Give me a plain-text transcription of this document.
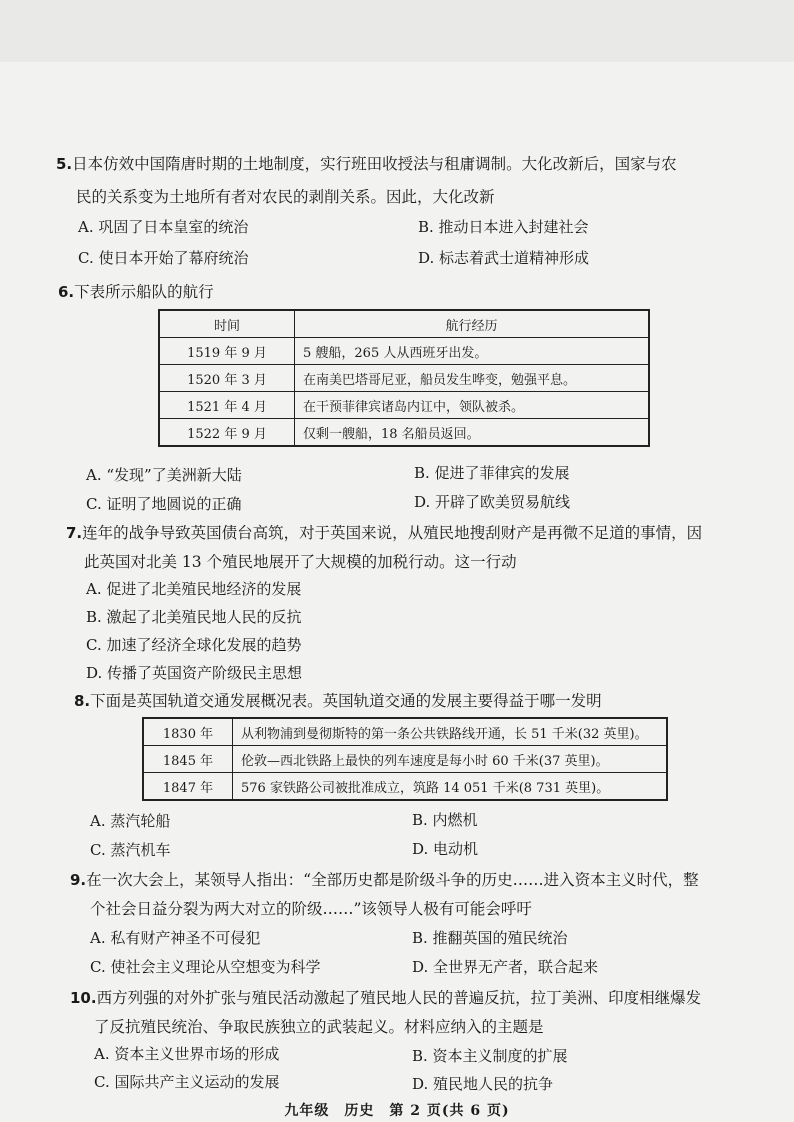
5.日本仿效中国隋唐时期的土地制度，实行班田收授法与租庸调制。大化改新后，国家与农
民的关系变为土地所有者对农民的剥削关系。因此，大化改新
A. 巩固了日本皇室的统治	B. 推动日本进入封建社会
C. 使日本开始了幕府统治	D. 标志着武士道精神形成
6.下表所示船队的航行
时间	航行经历
1519 年 9 月	5 艘船，265 人从西班牙出发。
1520 年 3 月	在南美巴塔哥尼亚，船员发生哗变，勉强平息。
1521 年 4 月	在干预菲律宾诸岛内讧中，领队被杀。
1522 年 9 月	仅剩一艘船，18 名船员返回。
A. “发现”了美洲新大陆	B. 促进了菲律宾的发展
C. 证明了地圆说的正确	D. 开辟了欧美贸易航线
7.连年的战争导致英国债台高筑，对于英国来说，从殖民地搜刮财产是再微不足道的事情，因
此英国对北美 13 个殖民地展开了大规模的加税行动。这一行动
A. 促进了北美殖民地经济的发展
B. 激起了北美殖民地人民的反抗
C. 加速了经济全球化发展的趋势
D. 传播了英国资产阶级民主思想
8.下面是英国轨道交通发展概况表。英国轨道交通的发展主要得益于哪一发明
1830 年	从利物浦到曼彻斯特的第一条公共铁路线开通，长 51 千米(32 英里)。
1845 年	伦敦—西北铁路上最快的列车速度是每小时 60 千米(37 英里)。
1847 年	576 家铁路公司被批准成立，筑路 14 051 千米(8 731 英里)。
A. 蒸汽轮船	B. 内燃机
C. 蒸汽机车	D. 电动机
9.在一次大会上，某领导人指出：“全部历史都是阶级斗争的历史……进入资本主义时代，整
个社会日益分裂为两大对立的阶级……”该领导人极有可能会呼吁
A. 私有财产神圣不可侵犯	B. 推翻英国的殖民统治
C. 使社会主义理论从空想变为科学	D. 全世界无产者，联合起来
10.西方列强的对外扩张与殖民活动激起了殖民地人民的普遍反抗，拉丁美洲、印度相继爆发
了反抗殖民统治、争取民族独立的武装起义。材料应纳入的主题是
A. 资本主义世界市场的形成	B. 资本主义制度的扩展
C. 国际共产主义运动的发展	D. 殖民地人民的抗争
九年级　历史　第 2 页(共 6 页)
